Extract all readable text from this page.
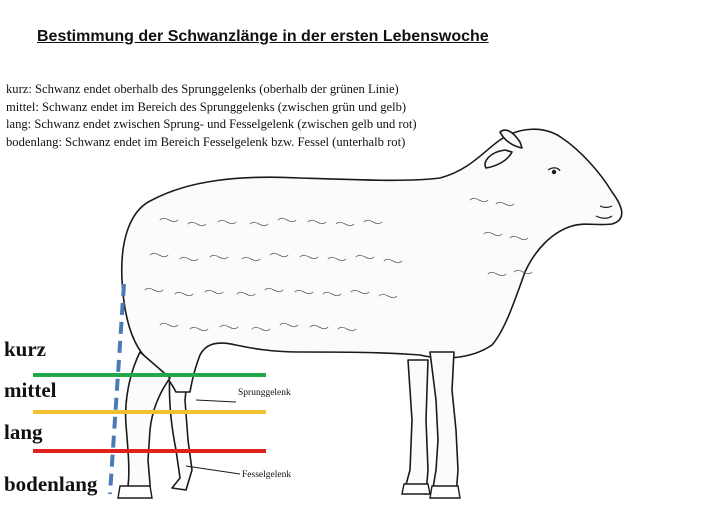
Bestimmung der Schwanzlänge in der ersten Lebenswoche
kurz: Schwanz endet oberhalb des Sprunggelenks (oberhalb der grünen Linie)
mittel: Schwanz endet im Bereich des Sprunggelenks (zwischen grün und gelb)
lang: Schwanz endet zwischen Sprung- und Fesselgelenk (zwischen gelb und rot)
bodenlang: Schwanz endet im Bereich Fesselgelenk bzw. Fessel (unterhalb rot)
kurz
mittel
lang
bodenlang
Sprunggelenk
Fesselgelenk
